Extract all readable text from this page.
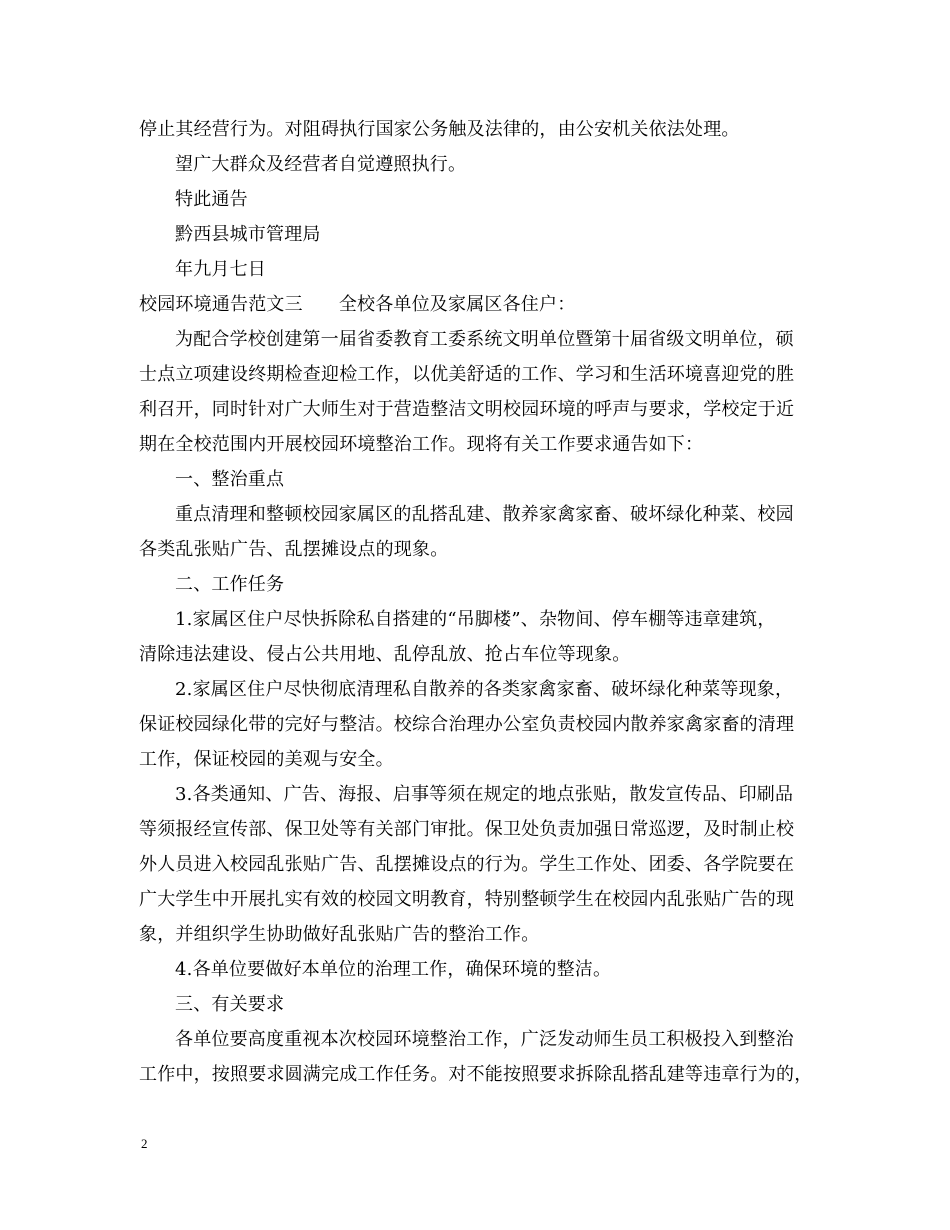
停止其经营行为。对阻碍执行国家公务触及法律的，由公安机关依法处理。
望广大群众及经营者自觉遵照执行。
特此通告
黔西县城市管理局
年九月七日
校园环境通告范文三 全校各单位及家属区各住户：
为配合学校创建第一届省委教育工委系统文明单位暨第十届省级文明单位，硕
士点立项建设终期检查迎检工作，以优美舒适的工作、学习和生活环境喜迎党的胜
利召开，同时针对广大师生对于营造整洁文明校园环境的呼声与要求，学校定于近
期在全校范围内开展校园环境整治工作。现将有关工作要求通告如下：
一、整治重点
重点清理和整顿校园家属区的乱搭乱建、散养家禽家畜、破坏绿化种菜、校园
各类乱张贴广告、乱摆摊设点的现象。
二、工作任务
1.家属区住户尽快拆除私自搭建的“吊脚楼”、杂物间、停车棚等违章建筑，
清除违法建设、侵占公共用地、乱停乱放、抢占车位等现象。
2.家属区住户尽快彻底清理私自散养的各类家禽家畜、破坏绿化种菜等现象，
保证校园绿化带的完好与整洁。校综合治理办公室负责校园内散养家禽家畜的清理
工作，保证校园的美观与安全。
3.各类通知、广告、海报、启事等须在规定的地点张贴，散发宣传品、印刷品
等须报经宣传部、保卫处等有关部门审批。保卫处负责加强日常巡逻，及时制止校
外人员进入校园乱张贴广告、乱摆摊设点的行为。学生工作处、团委、各学院要在
广大学生中开展扎实有效的校园文明教育，特别整顿学生在校园内乱张贴广告的现
象，并组织学生协助做好乱张贴广告的整治工作。
4.各单位要做好本单位的治理工作，确保环境的整洁。
三、有关要求
各单位要高度重视本次校园环境整治工作，广泛发动师生员工积极投入到整治
工作中，按照要求圆满完成工作任务。对不能按照要求拆除乱搭乱建等违章行为的，
2
